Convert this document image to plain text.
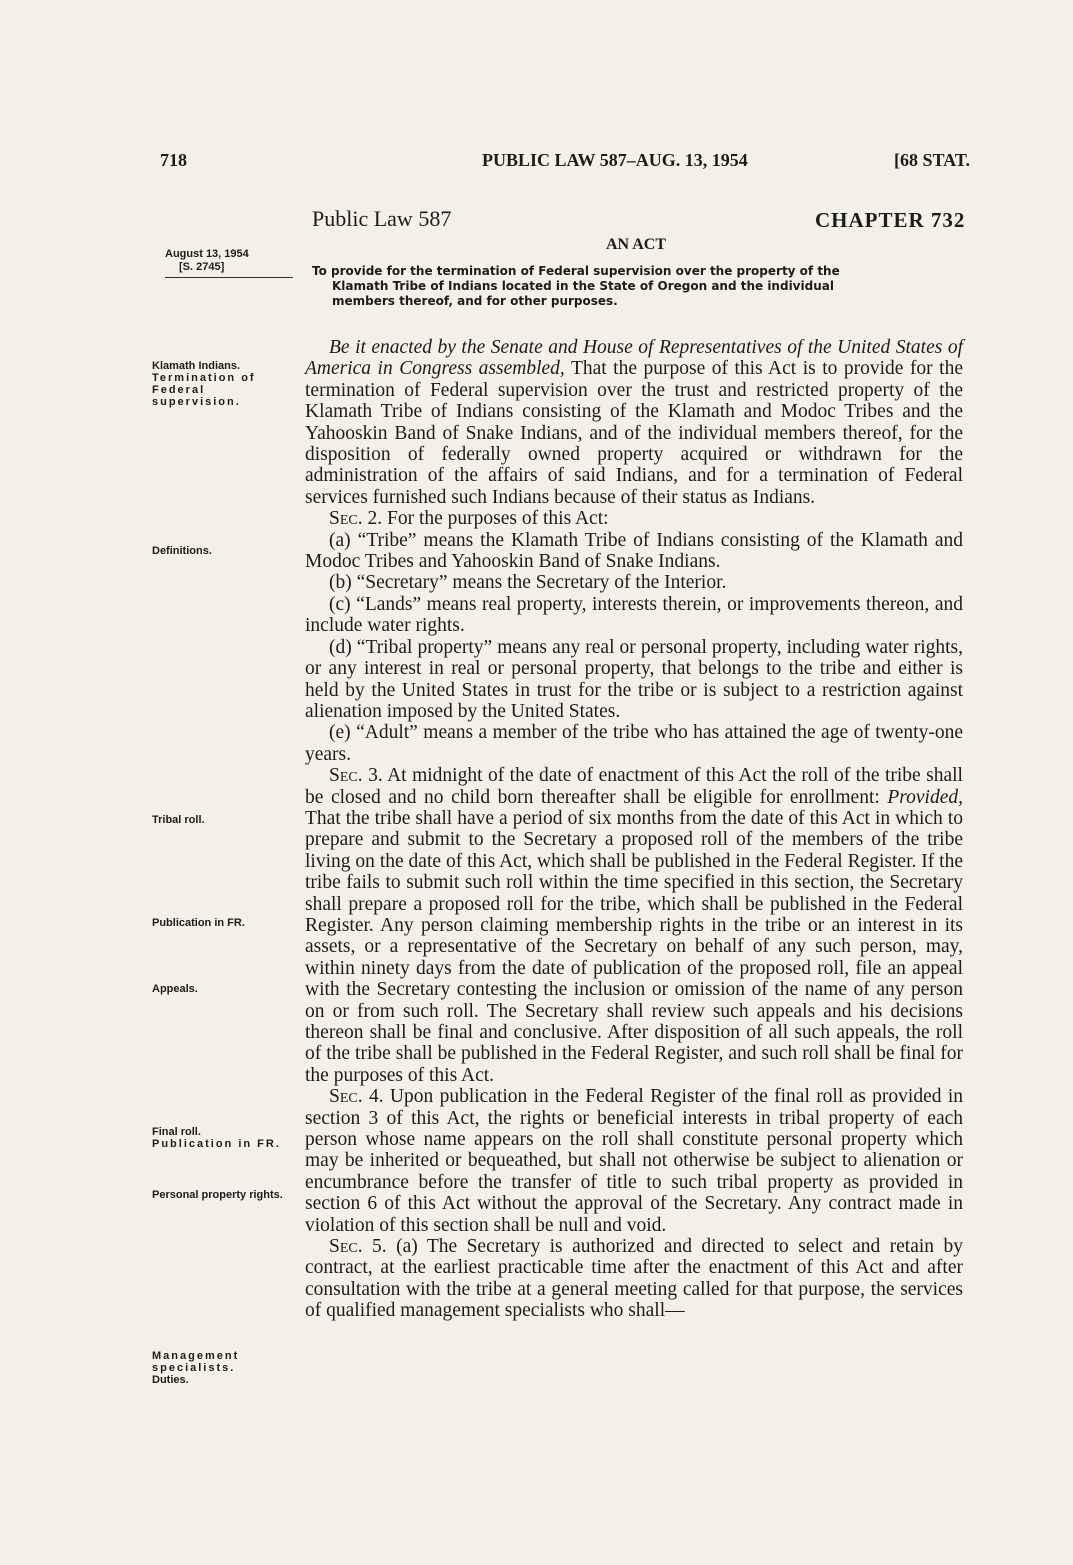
718	PUBLIC LAW 587–AUG. 13, 1954	[68 STAT.
Public Law 587	CHAPTER 732
AN ACT
August 13, 1954
[S. 2745]	To provide for the termination of Federal supervision over the property of the
Klamath Tribe of Indians located in the State of Oregon and the individual
members thereof, and for other purposes.
Klamath Indians.
Termination of Federal supervision.
Definitions.
Tribal roll.
Publication in FR.
Appeals.
Final roll.
Publication in FR.
Personal property rights.
Management specialists.
Duties.

Be it enacted by the Senate and House of Representatives of the United States of America in Congress assembled, That the purpose of this Act is to provide for the termination of Federal supervision over the trust and restricted property of the Klamath Tribe of Indians consisting of the Klamath and Modoc Tribes and the Yahooskin Band of Snake Indians, and of the individual members thereof, for the disposition of federally owned property acquired or withdrawn for the administration of the affairs of said Indians, and for a termination of Federal services furnished such Indians because of their status as Indians.

Sec. 2. For the purposes of this Act:

(a) “Tribe” means the Klamath Tribe of Indians consisting of the Klamath and Modoc Tribes and Yahooskin Band of Snake Indians.

(b) “Secretary” means the Secretary of the Interior.

(c) “Lands” means real property, interests therein, or improvements thereon, and include water rights.

(d) “Tribal property” means any real or personal property, including water rights, or any interest in real or personal property, that belongs to the tribe and either is held by the United States in trust for the tribe or is subject to a restriction against alienation imposed by the United States.

(e) “Adult” means a member of the tribe who has attained the age of twenty-one years.

Sec. 3. At midnight of the date of enactment of this Act the roll of the tribe shall be closed and no child born thereafter shall be eligible for enrollment: Provided, That the tribe shall have a period of six months from the date of this Act in which to prepare and submit to the Secretary a proposed roll of the members of the tribe living on the date of this Act, which shall be published in the Federal Register. If the tribe fails to submit such roll within the time specified in this section, the Secretary shall prepare a proposed roll for the tribe, which shall be published in the Federal Register. Any person claiming membership rights in the tribe or an interest in its assets, or a representative of the Secretary on behalf of any such person, may, within ninety days from the date of publication of the proposed roll, file an appeal with the Secretary contesting the inclusion or omission of the name of any person on or from such roll. The Secretary shall review such appeals and his decisions thereon shall be final and conclusive. After disposition of all such appeals, the roll of the tribe shall be published in the Federal Register, and such roll shall be final for the purposes of this Act.

Sec. 4. Upon publication in the Federal Register of the final roll as provided in section 3 of this Act, the rights or beneficial interests in tribal property of each person whose name appears on the roll shall constitute personal property which may be inherited or bequeathed, but shall not otherwise be subject to alienation or encumbrance before the transfer of title to such tribal property as provided in section 6 of this Act without the approval of the Secretary. Any contract made in violation of this section shall be null and void.

Sec. 5. (a) The Secretary is authorized and directed to select and retain by contract, at the earliest practicable time after the enactment of this Act and after consultation with the tribe at a general meeting called for that purpose, the services of qualified management specialists who shall—
